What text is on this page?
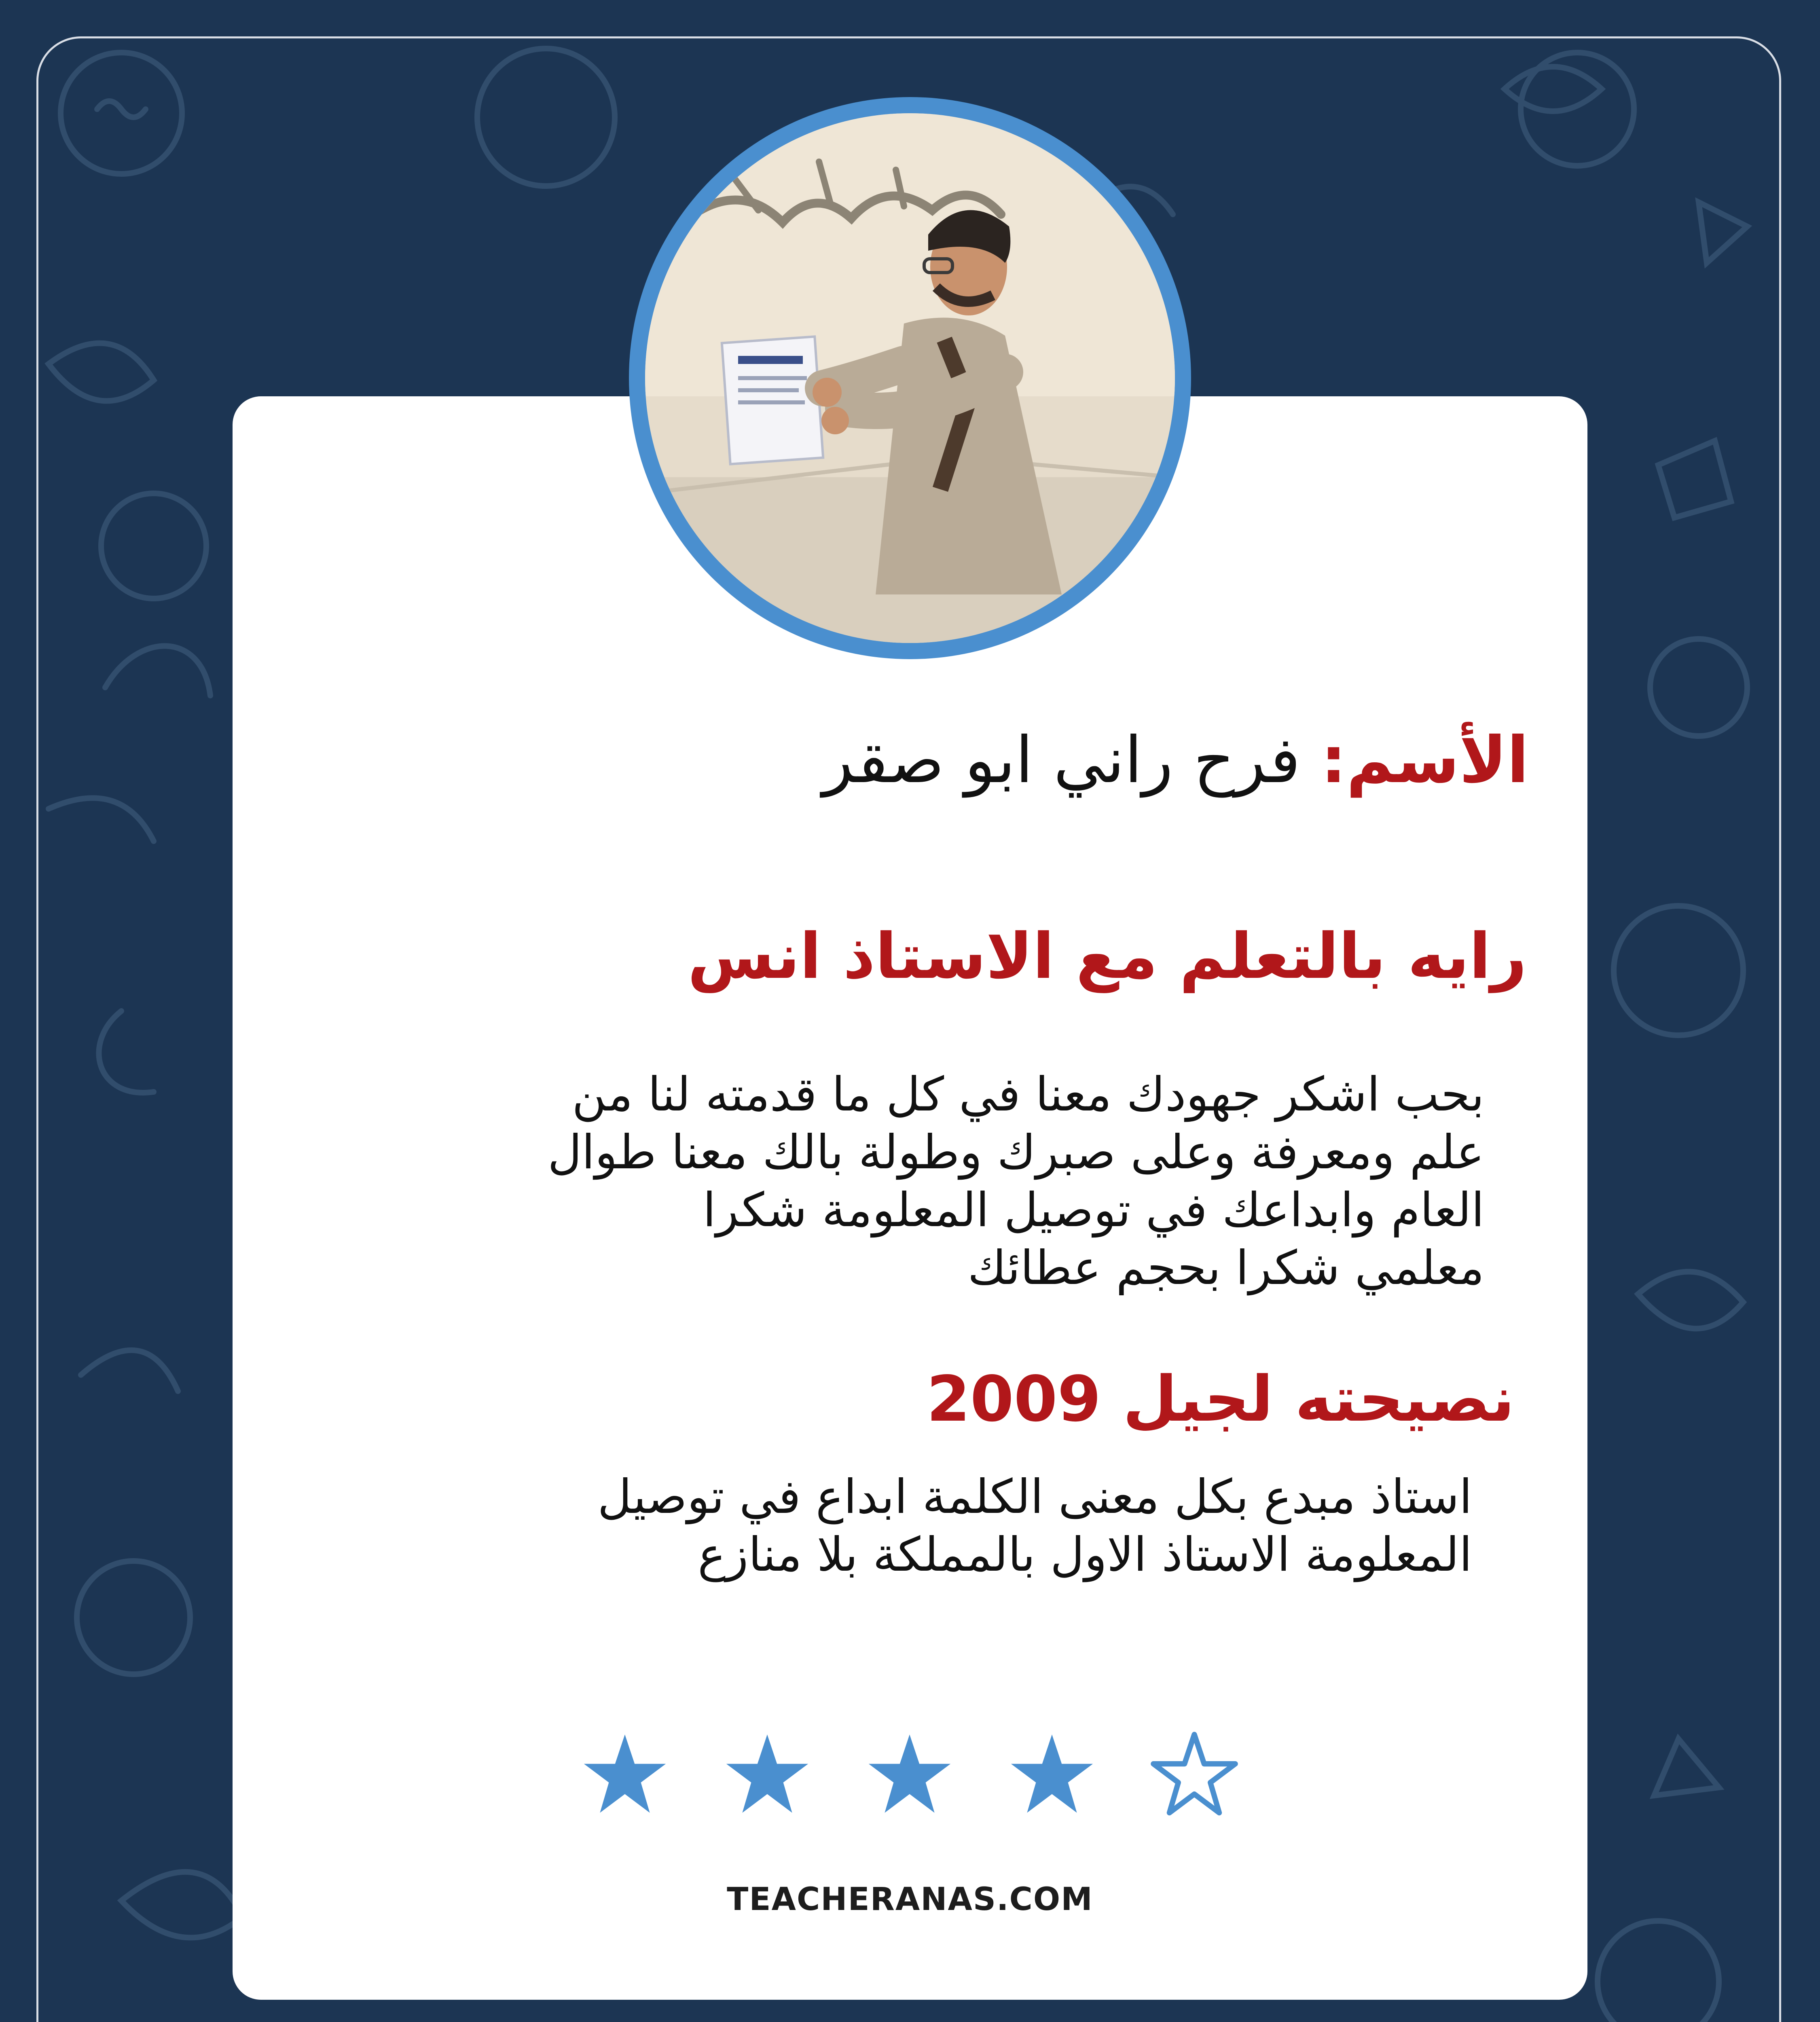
الأسم: فرح راني ابو صقر
رايه بالتعلم مع الاستاذ انس
بحب اشكر جهودك معنا في كل ما قدمته لنا من
علم ومعرفة وعلى صبرك وطولة بالك معنا طوال
العام وابداعك في توصيل المعلومة شكرا
معلمي شكرا بحجم عطائك
نصيحته لجيل 2009
استاذ مبدع بكل معنى الكلمة ابداع في توصيل
المعلومة الاستاذ الاول بالمملكة بلا منازع
TEACHERANAS.COM
